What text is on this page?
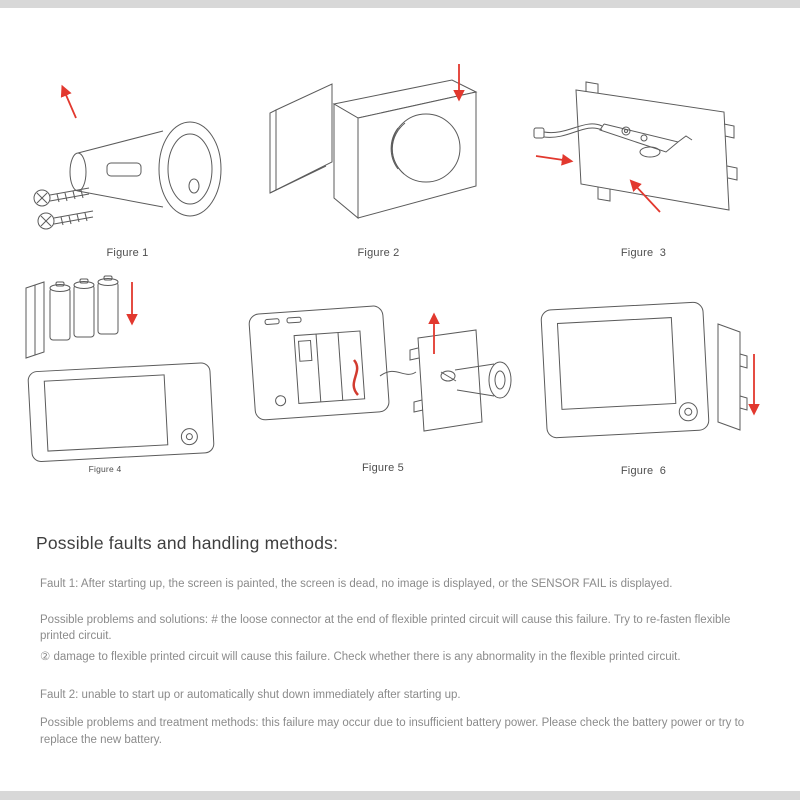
Figure 1	Figure 2	Figure  3
Figure 4	Figure 5	Figure  6
Possible faults and handling methods:

Fault 1: After starting up, the screen is painted, the screen is dead, no image is displayed, or the SENSOR FAIL is displayed.

Possible problems and solutions: # the loose connector at the end of flexible printed circuit will cause this failure. Try to re-fasten flexible printed circuit.

② damage to flexible printed circuit will cause this failure. Check whether there is any abnormality in the flexible printed circuit.

Fault 2: unable to start up or automatically shut down immediately after starting up.

Possible problems and treatment methods: this failure may occur due to insufficient battery power. Please check the battery power or try to replace the new battery.
